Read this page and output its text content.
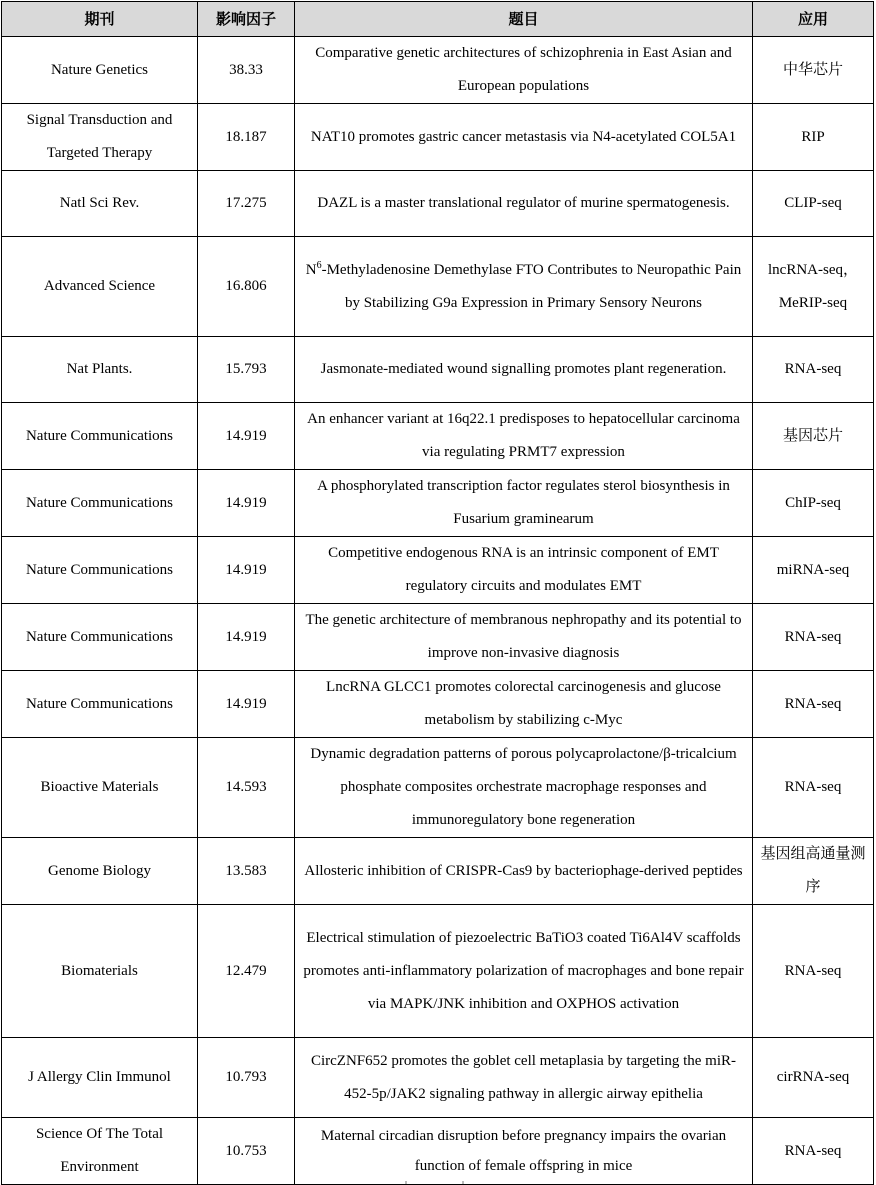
期刊	影响因子	题目	应用
Nature Genetics	38.33	Comparative genetic architectures of schizophrenia in East Asian and European populations	中华芯片
Signal Transduction and Targeted Therapy	18.187	NAT10 promotes gastric cancer metastasis via N4-acetylated COL5A1	RIP
Natl Sci Rev.	17.275	DAZL is a master translational regulator of murine spermatogenesis.	CLIP-seq
Advanced Science	16.806	$N^6$-Methyladenosine Demethylase FTO Contributes to Neuropathic Pain by Stabilizing G9a Expression in Primary Sensory Neurons	lncRNA-seq，MeRIP-seq
Nat Plants.	15.793	Jasmonate-mediated wound signalling promotes plant regeneration.	RNA-seq
Nature Communications	14.919	An enhancer variant at 16q22.1 predisposes to hepatocellular carcinoma via regulating PRMT7 expression	基因芯片
Nature Communications	14.919	A phosphorylated transcription factor regulates sterol biosynthesis in Fusarium graminearum	ChIP-seq
Nature Communications	14.919	Competitive endogenous RNA is an intrinsic component of EMT regulatory circuits and modulates EMT	miRNA-seq
Nature Communications	14.919	The genetic architecture of membranous nephropathy and its potential to improve non-invasive diagnosis	RNA-seq
Nature Communications	14.919	LncRNA GLCC1 promotes colorectal carcinogenesis and glucose metabolism by stabilizing c-Myc	RNA-seq
Bioactive Materials	14.593	Dynamic degradation patterns of porous polycaprolactone/β-tricalcium phosphate composites orchestrate macrophage responses and immunoregulatory bone regeneration	RNA-seq
Genome Biology	13.583	Allosteric inhibition of CRISPR-Cas9 by bacteriophage-derived peptides	基因组高通量测序
Biomaterials	12.479	Electrical stimulation of piezoelectric BaTiO3 coated Ti6Al4V scaffolds promotes anti-inflammatory polarization of macrophages and bone repair via MAPK/JNK inhibition and OXPHOS activation	RNA-seq
J Allergy Clin Immunol	10.793	CircZNF652 promotes the goblet cell metaplasia by targeting the miR-452-5p/JAK2 signaling pathway in allergic airway epithelia	cirRNA-seq
Science Of The Total Environment	10.753	Maternal circadian disruption before pregnancy impairs the ovarian function of female offspring in mice	RNA-seq
